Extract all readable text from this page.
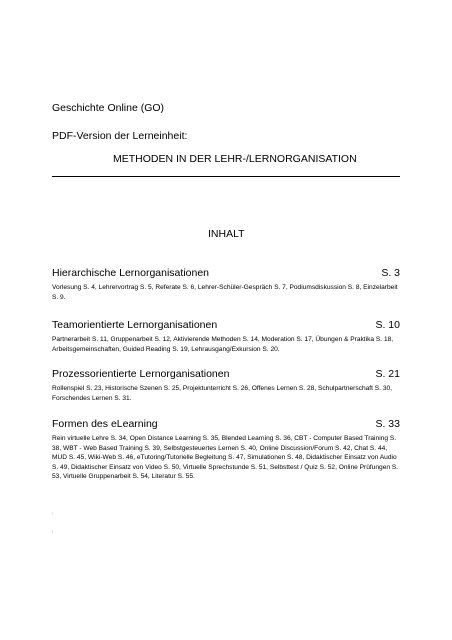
Geschichte Online (GO)
PDF-Version der Lerneinheit:
METHODEN IN DER LEHR-/LERNORGANISATION
INHALT
Hierarchische Lernorganisationen	S. 3
Vorlesung S. 4, Lehrervortrag S. 5, Referate S. 6, Lehrer-Schüler-Gespräch S. 7, Podiumsdiskussion S. 8, Einzelarbeit S. 9.
Teamorientierte Lernorganisationen	S. 10
Partnerarbeit S. 11, Gruppenarbeit S. 12, Aktivierende Methoden S. 14, Moderation S. 17, Übungen & Praktika S. 18, Arbeitsgemeinschaften, Guided Reading S. 19, Lehrausgang/Exkursion S. 20.
Prozessorientierte Lernorganisationen	S. 21
Rollenspiel S. 23, Historische Szenen S. 25, Projektunterricht S. 26, Offenes Lernen S. 28, Schulpartnerschaft S. 30, Forschendes Lernen S. 31.
Formen des eLearning	S. 33
Rein virtuelle Lehre S. 34, Open Distance Learning S. 35, Blended Learning S. 36, CBT - Computer Based Training S. 38, WBT - Web Based Training S. 39, Selbstgesteuertes Lernen S. 40, Online Discussion/Forum S. 42, Chat S. 44, MUD S. 45, Wiki-Web S. 46, eTutoring/Tutorielle Begleitung S. 47, Simulationen S. 48, Didaktischer Einsatz von Audio S. 49, Didaktischer Einsatz von Video S. 50, Virtuelle Sprechstunde S. 51, Selbsttest / Quiz S. 52, Online Prüfungen S. 53, Virtuelle Gruppenarbeit S. 54, Literatur S. 55.
.
.
